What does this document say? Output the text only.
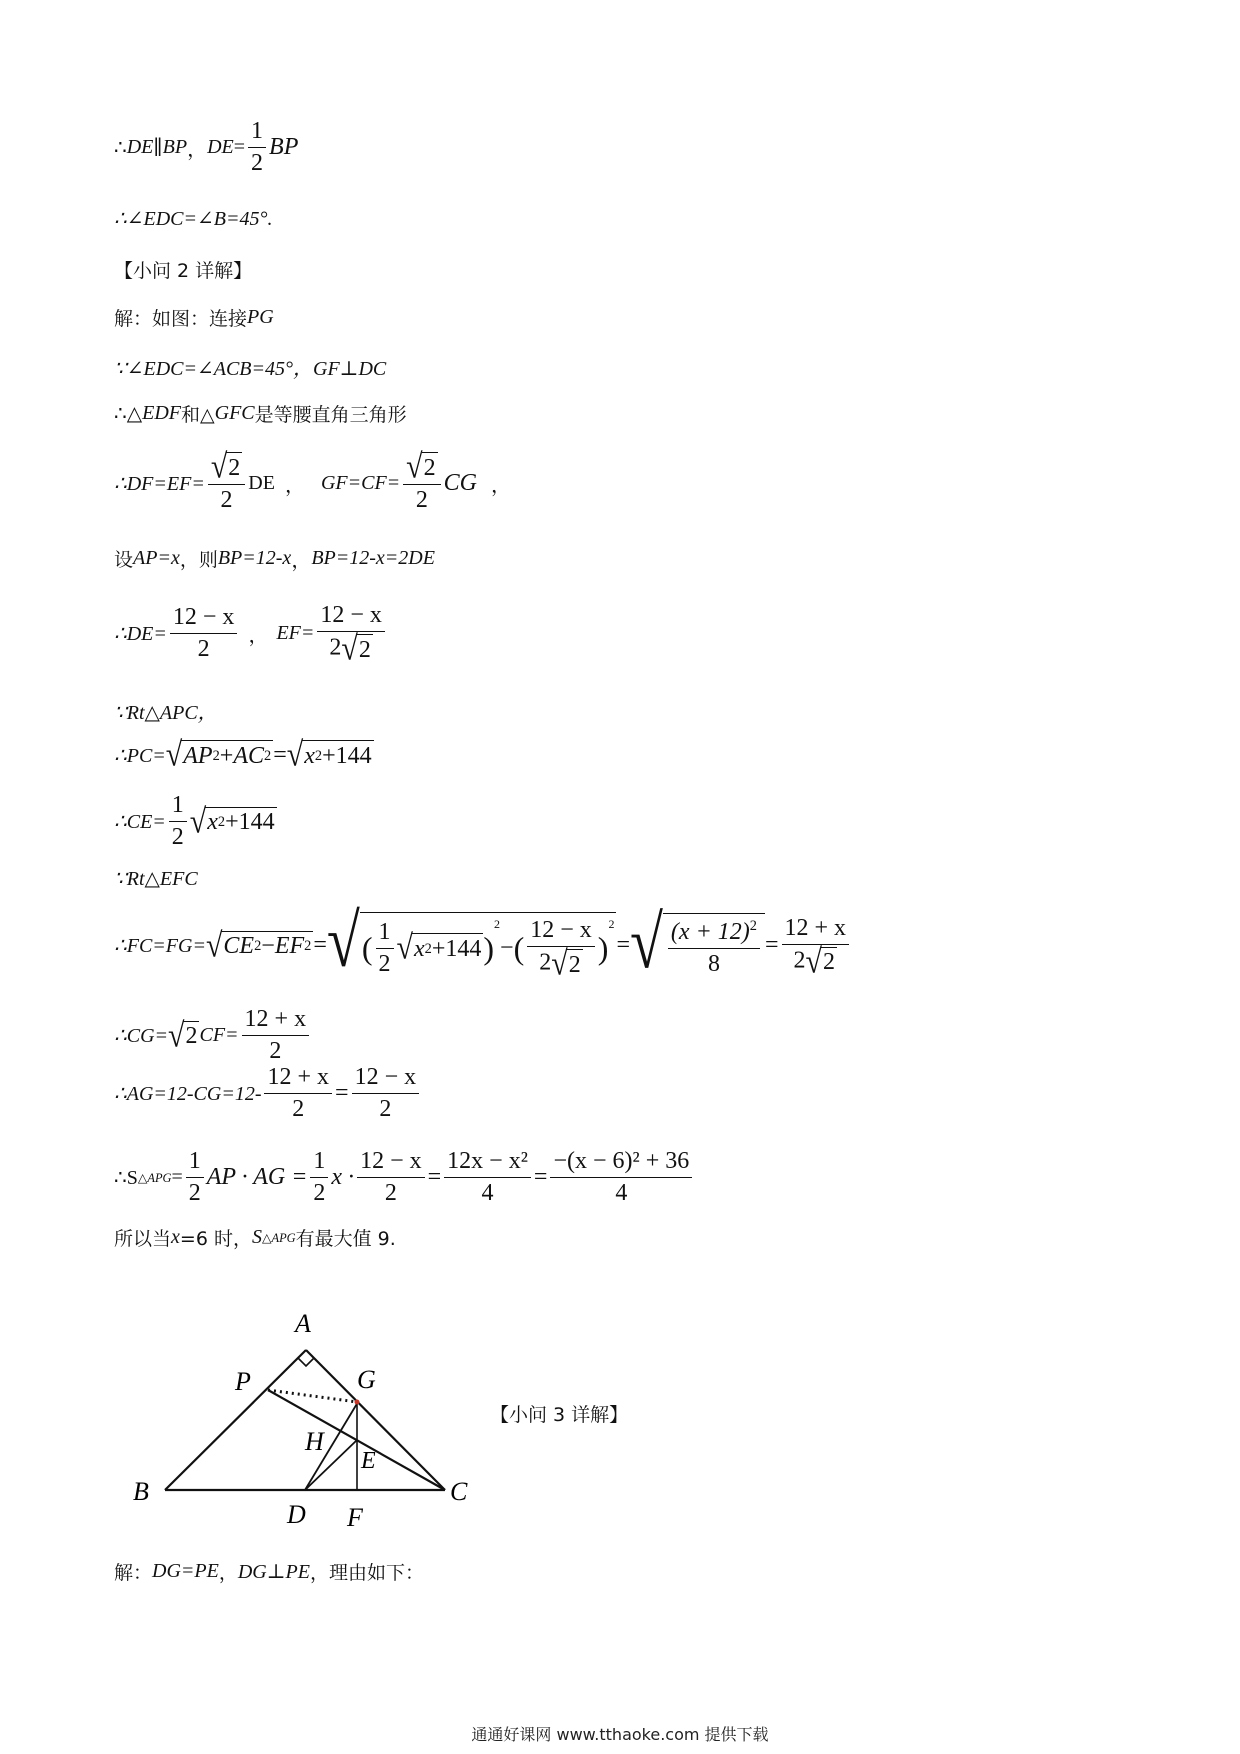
∴ DE ∥ BP ， DE = $\frac{1}{2}$ BP
∴∠EDC=∠B=45°.
【小问 2 详解】
解：如图：连接 PG
∵∠EDC=∠ACB=45°，GF⊥DC
∴△ EDF 和△ GFC 是等腰直角三角形
∴DF=EF= $\frac{√ 2}{2}$ DE ， $GF=CF= \frac{√ 2}{2}$ CG ，
设 AP=x ，则 BP=12-x ， BP=12-x=2DE
∴DE= $\frac{12 - x}{2}$ ， $EF= \frac{12 - x}{2 √ 2}$
∵Rt△APC，
∴PC= √ AP 2 + AC 2 = √ x 2 +144
∴CE= $\frac{1}{2}$ √ x 2 +144
∵Rt△EFC
∴FC=FG= √ CE 2 − EF 2 = √ ( $\frac{1}{2}$ √ x 2 +144 )
2
− ( $\frac{12 - x}{2 √ 2}$ )
2
= √ $\frac{(x + 12)^2}{8} = \frac{12 + x}{2 √ 2}$
∴CG= √ 2 $CF= \frac{12 + x}{2}$
∴AG=12-CG=12- $\frac{12 + x}{2} = \frac{12 - x}{2}$
∴S △APG = $\frac{1}{2}$ AP · AG = $\frac{1}{2}$ $x \cdot \frac{12 - x}{2} = \frac{\text{12x − x²}}{4} = \frac{\text{−(x − 6)² + 36}}{4}$
所以当 x =6 时， S △APG 有最大值 9.
A
B	C
D
E
F
G
H
P
【小问 3 详解】
解： DG=PE ， DG⊥PE ，理由如下：
通通好课网 www.tthaoke.com 提供下载
